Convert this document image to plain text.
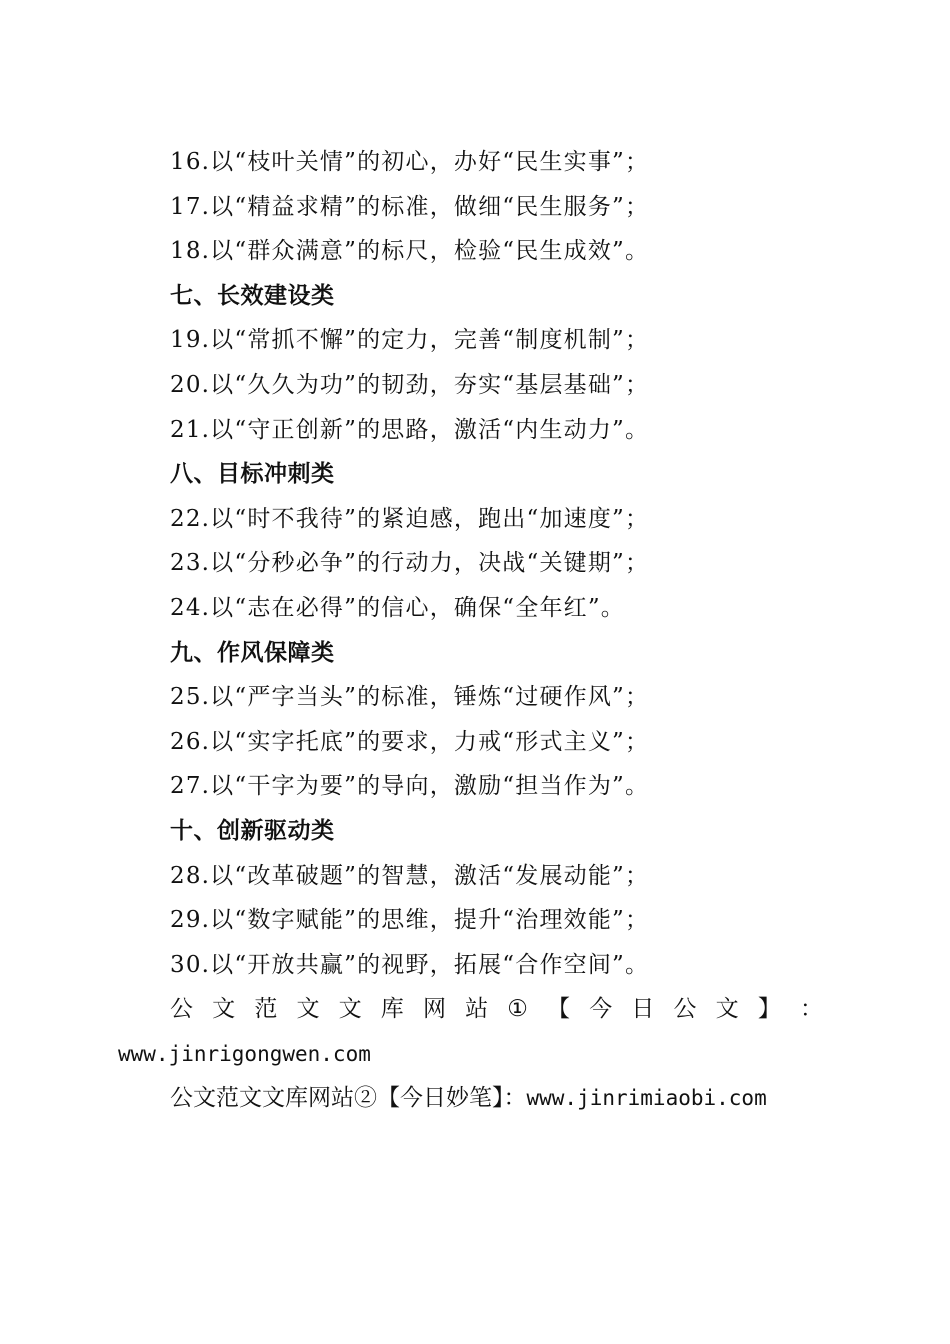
16.以“枝叶关情”的初心，办好“民生实事”；
17.以“精益求精”的标准，做细“民生服务”；
18.以“群众满意”的标尺，检验“民生成效”。
七、长效建设类
19.以“常抓不懈”的定力，完善“制度机制”；
20.以“久久为功”的韧劲，夯实“基层基础”；
21.以“守正创新”的思路，激活“内生动力”。
八、目标冲刺类
22.以“时不我待”的紧迫感，跑出“加速度”；
23.以“分秒必争”的行动力，决战“关键期”；
24.以“志在必得”的信心，确保“全年红”。
九、作风保障类
25.以“严字当头”的标准，锤炼“过硬作风”；
26.以“实字托底”的要求，力戒“形式主义”；
27.以“干字为要”的导向，激励“担当作为”。
十、创新驱动类
28.以“改革破题”的智慧，激活“发展动能”；
29.以“数字赋能”的思维，提升“治理效能”；
30.以“开放共赢”的视野，拓展“合作空间”。
公 文 范 文 文 库 网 站 ① 【 今 日 公 文 】 ：
www.jinrigongwen.com
公文范文文库网站②【今日妙笔】：www.jinrimiaobi.com
